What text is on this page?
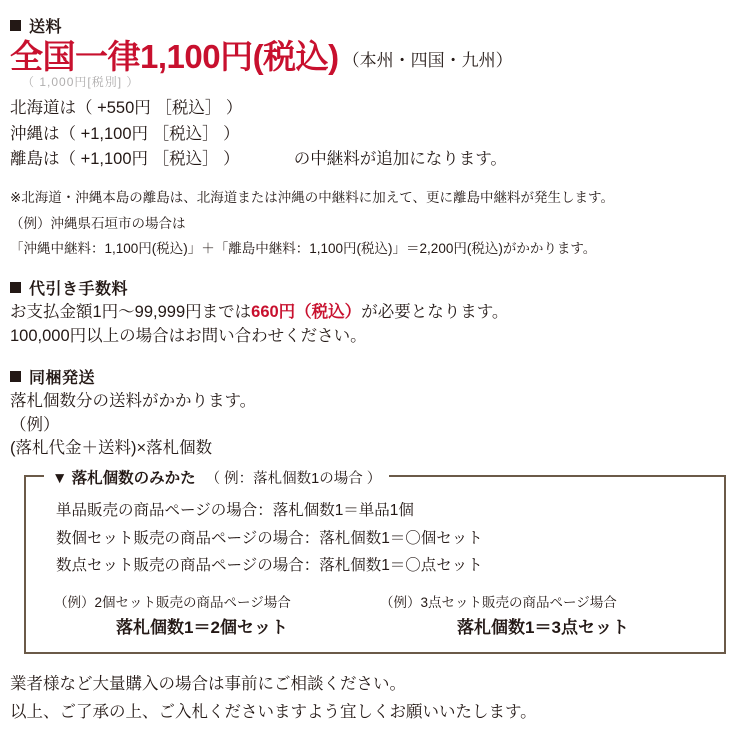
送料
全国一律1,100円(税込) （本州・四国・九州）
（ 1,000円[税別] ）
北海道は（ +550円 ［税込］ ）
沖縄は（ +1,100円 ［税込］ ）
離島は（ +1,100円 ［税込］ ）	の中継料が追加になります。
※北海道・沖縄本島の離島は、北海道または沖縄の中継料に加えて、更に離島中継料が発生します。
（例）沖縄県石垣市の場合は
「沖縄中継料：1,100円(税込)」＋「離島中継料：1,100円(税込)」＝2,200円(税込)がかかります。
代引き手数料
お支払金額1円～99,999円までは660円（税込）が必要となります。
100,000円以上の場合はお問い合わせください。
同梱発送
落札個数分の送料がかかります。
（例）
(落札代金＋送料)×落札個数
▼ 落札個数のみかた （ 例：落札個数1の場合 ）
単品販売の商品ページの場合：落札個数1＝単品1個
数個セット販売の商品ページの場合：落札個数1＝〇個セット
数点セット販売の商品ページの場合：落札個数1＝〇点セット
（例）2個セット販売の商品ページ場合
落札個数1＝2個セット
（例）3点セット販売の商品ページ場合
落札個数1＝3点セット
業者様など大量購入の場合は事前にご相談ください。
以上、ご了承の上、ご入札くださいますよう宜しくお願いいたします。
